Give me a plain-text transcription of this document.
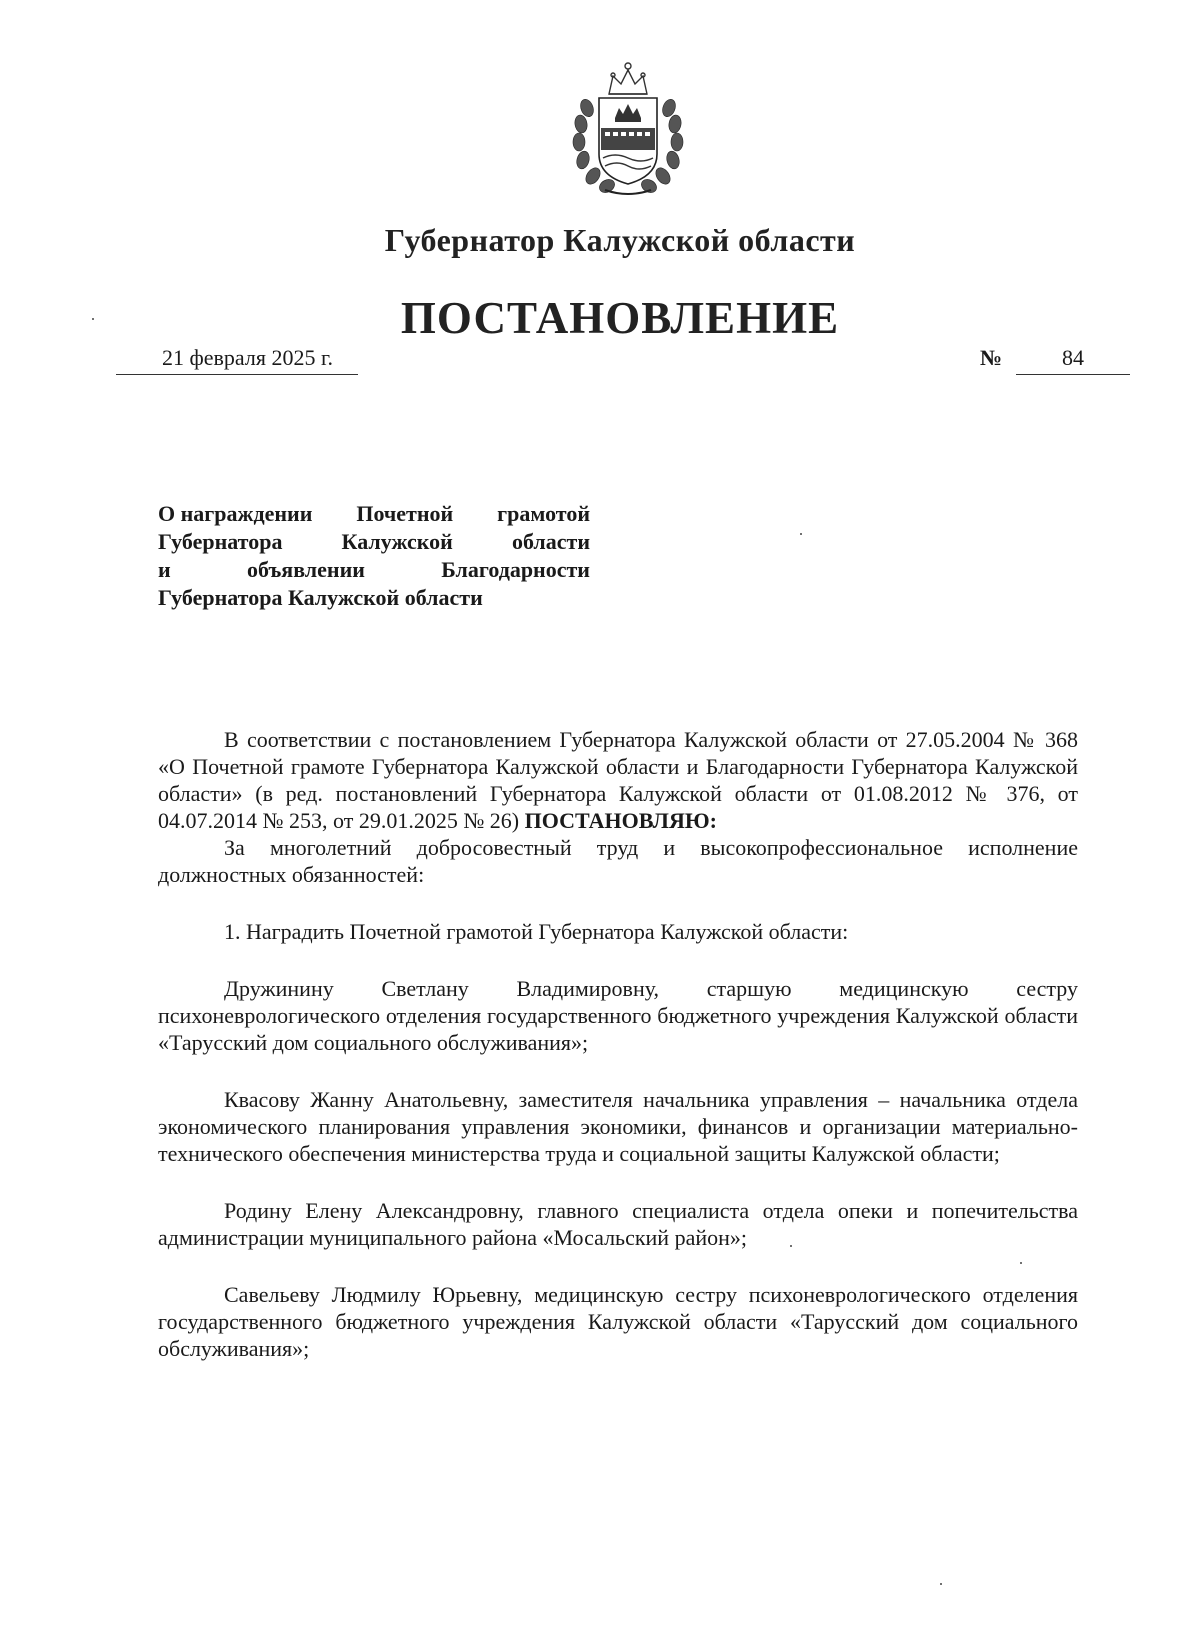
Губернатор Калужской области
ПОСТАНОВЛЕНИЕ
21 февраля 2025 г.	№	84
О награждении Почетной грамотой
Губернатора	Калужской	области
и	объявлении	Благодарности
Губернатора Калужской области
В соответствии с постановлением Губернатора Калужской области от 27.05.2004 № 368 «О Почетной грамоте Губернатора Калужской области и Благодарности Губернатора Калужской области» (в ред. постановлений Губернатора Калужской области от 01.08.2012 № 376, от 04.07.2014 № 253, от 29.01.2025 № 26) ПОСТАНОВЛЯЮ:
За многолетний добросовестный труд и высокопрофессиональное исполнение должностных обязанностей:
1. Наградить Почетной грамотой Губернатора Калужской области:
Дружинину Светлану Владимировну, старшую медицинскую сестру психоневрологического отделения государственного бюджетного учреждения Калужской области «Тарусский дом социального обслуживания»;
Квасову Жанну Анатольевну, заместителя начальника управления – начальника отдела экономического планирования управления экономики, финансов и организации материально-технического обеспечения министерства труда и социальной защиты Калужской области;
Родину Елену Александровну, главного специалиста отдела опеки и попечительства администрации муниципального района «Мосальский район»;
Савельеву Людмилу Юрьевну, медицинскую сестру психоневрологического отделения государственного бюджетного учреждения Калужской области «Тарусский дом социального обслуживания»;
